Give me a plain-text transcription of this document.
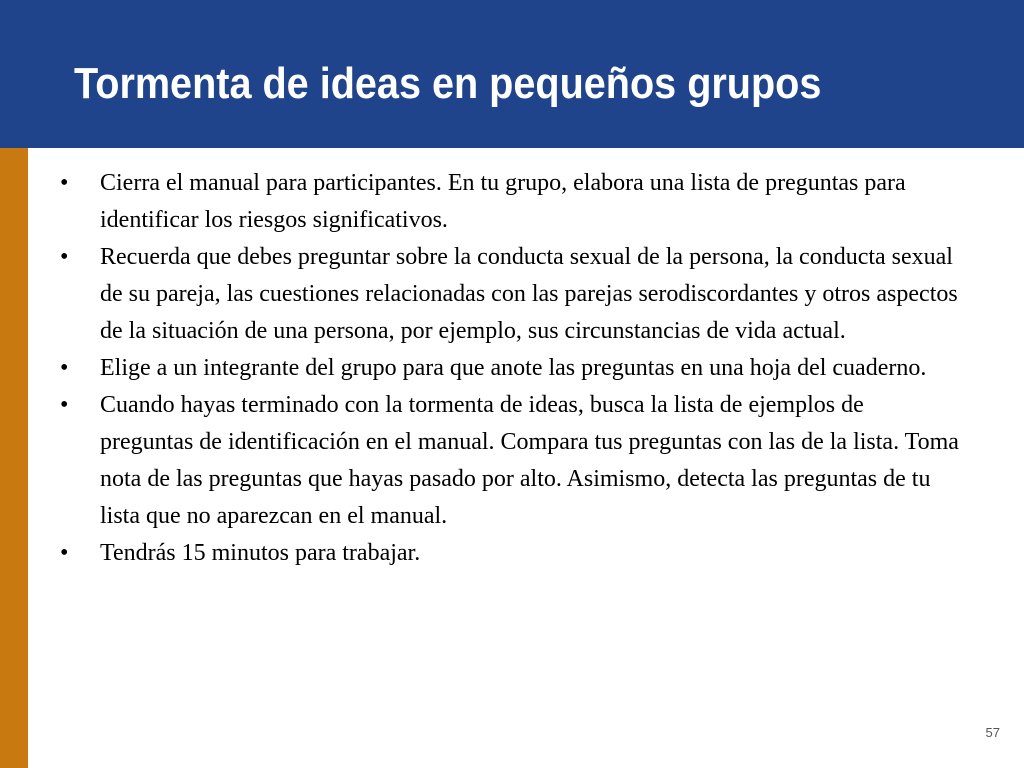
Tormenta de ideas en pequeños grupos
•	Cierra el manual para participantes. En tu grupo, elabora una lista de preguntas para identificar los riesgos significativos.
•	Recuerda que debes preguntar sobre la conducta sexual de la persona, la conducta sexual de su pareja, las cuestiones relacionadas con las parejas serodiscordantes y otros aspectos de la situación de una persona, por ejemplo, sus circunstancias de vida actual.
•	Elige a un integrante del grupo para que anote las preguntas en una hoja del cuaderno.
•	Cuando hayas terminado con la tormenta de ideas, busca la lista de ejemplos de preguntas de identificación en el manual. Compara tus preguntas con las de la lista. Toma nota de las preguntas que hayas pasado por alto. Asimismo, detecta las preguntas de tu lista que no aparezcan en el manual.
•	Tendrás 15 minutos para trabajar.
57
